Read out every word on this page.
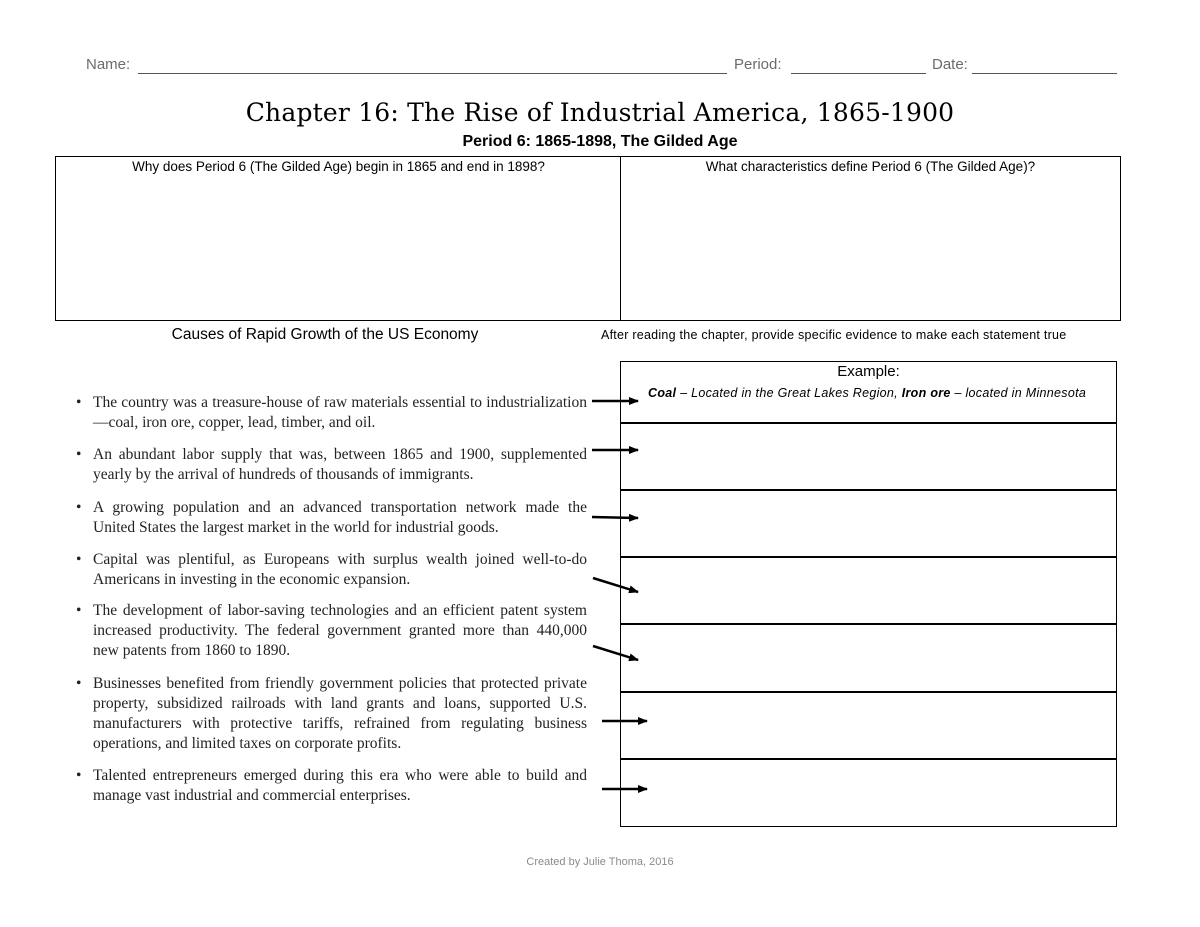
Name:	Period:	Date:
Chapter 16: The Rise of Industrial America, 1865-1900
Period 6: 1865-1898, The Gilded Age
Why does Period 6 (The Gilded Age) begin in 1865 and end in 1898?	What characteristics define Period 6 (The Gilded Age)?
Causes of Rapid Growth of the US Economy	After reading the chapter, provide specific evidence to make each statement true
• The country was a treasure-house of raw materials essential to industrialization—coal, iron ore, copper, lead, timber, and oil.
• An abundant labor supply that was, between 1865 and 1900, supplemented yearly by the arrival of hundreds of thousands of immigrants.
• A growing population and an advanced transportation network made the United States the largest market in the world for industrial goods.
• Capital was plentiful, as Europeans with surplus wealth joined well-to-do Americans in investing in the economic expansion.
• The development of labor-saving technologies and an efficient patent system increased productivity. The federal government granted more than 440,000 new patents from 1860 to 1890.
• Businesses benefited from friendly government policies that protected private property, subsidized railroads with land grants and loans, supported U.S. manufacturers with protective tariffs, refrained from regulating business operations, and limited taxes on corporate profits.
• Talented entrepreneurs emerged during this era who were able to build and manage vast industrial and commercial enterprises.
Example:
Coal – Located in the Great Lakes Region, Iron ore – located in Minnesota
Created by Julie Thoma, 2016
